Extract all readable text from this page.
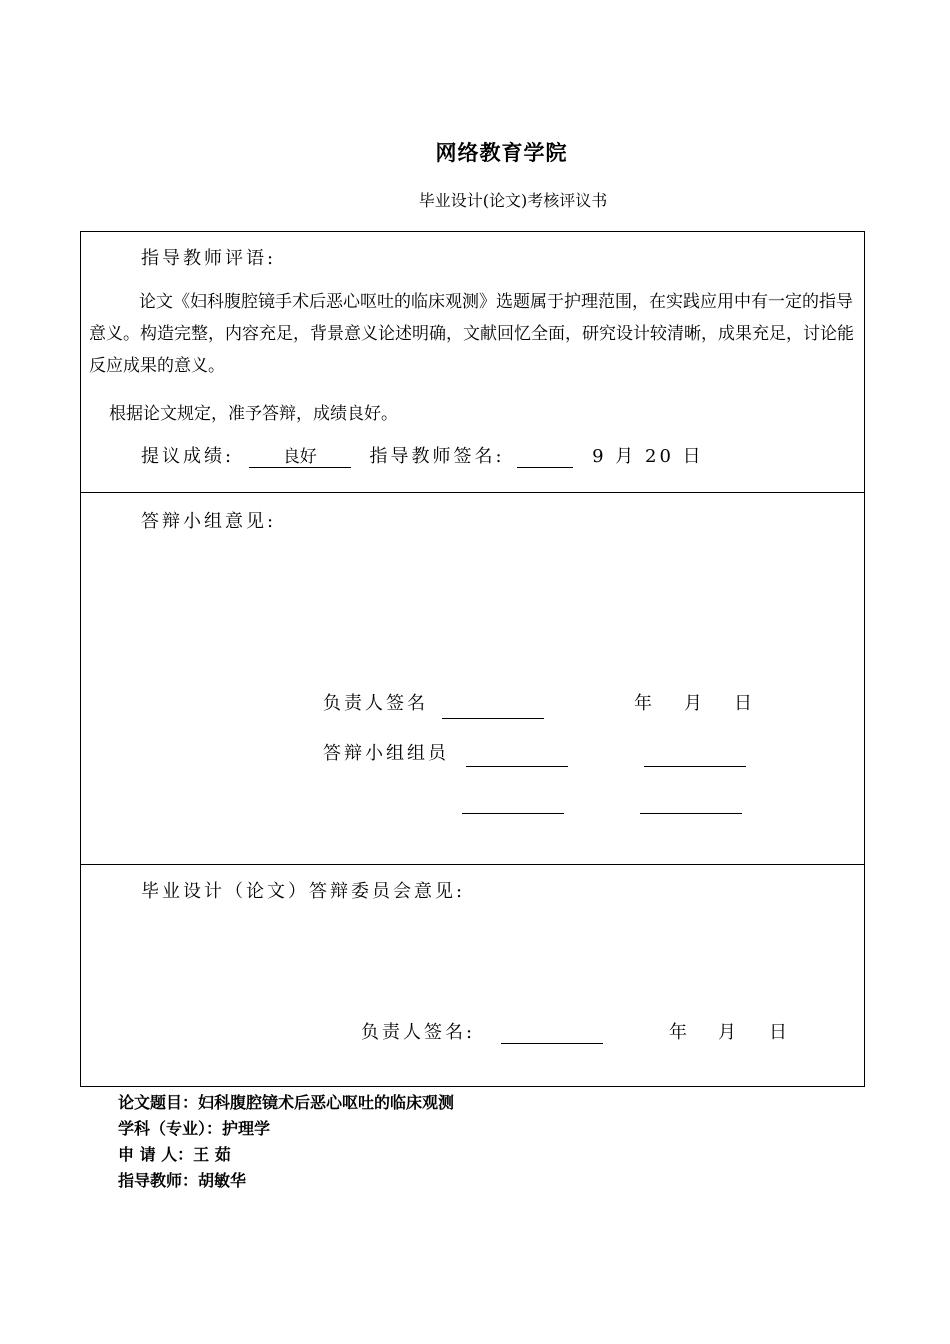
网络教育学院
毕业设计(论文)考核评议书
指导教师评语:
论文《妇科腹腔镜手术后恶心呕吐的临床观测》选题属于护理范围，在实践应用中有一定的指导意义。构造完整，内容充足，背景意义论述明确，文献回忆全面，研究设计较清晰，成果充足，讨论能反应成果的意义。
根据论文规定，准予答辩，成绩良好。
提议成绩:	良好	指导教师签名:	9 月 20 日
答辩小组意见:
负责人签名	年 月 日
答辩小组组员
毕业设计（论文）答辩委员会意见:
负责人签名:	年 月 日
论文题目：妇科腹腔镜术后恶心呕吐的临床观测
学科（专业）：护理学
申 请 人：王 茹
指导教师：胡敏华
